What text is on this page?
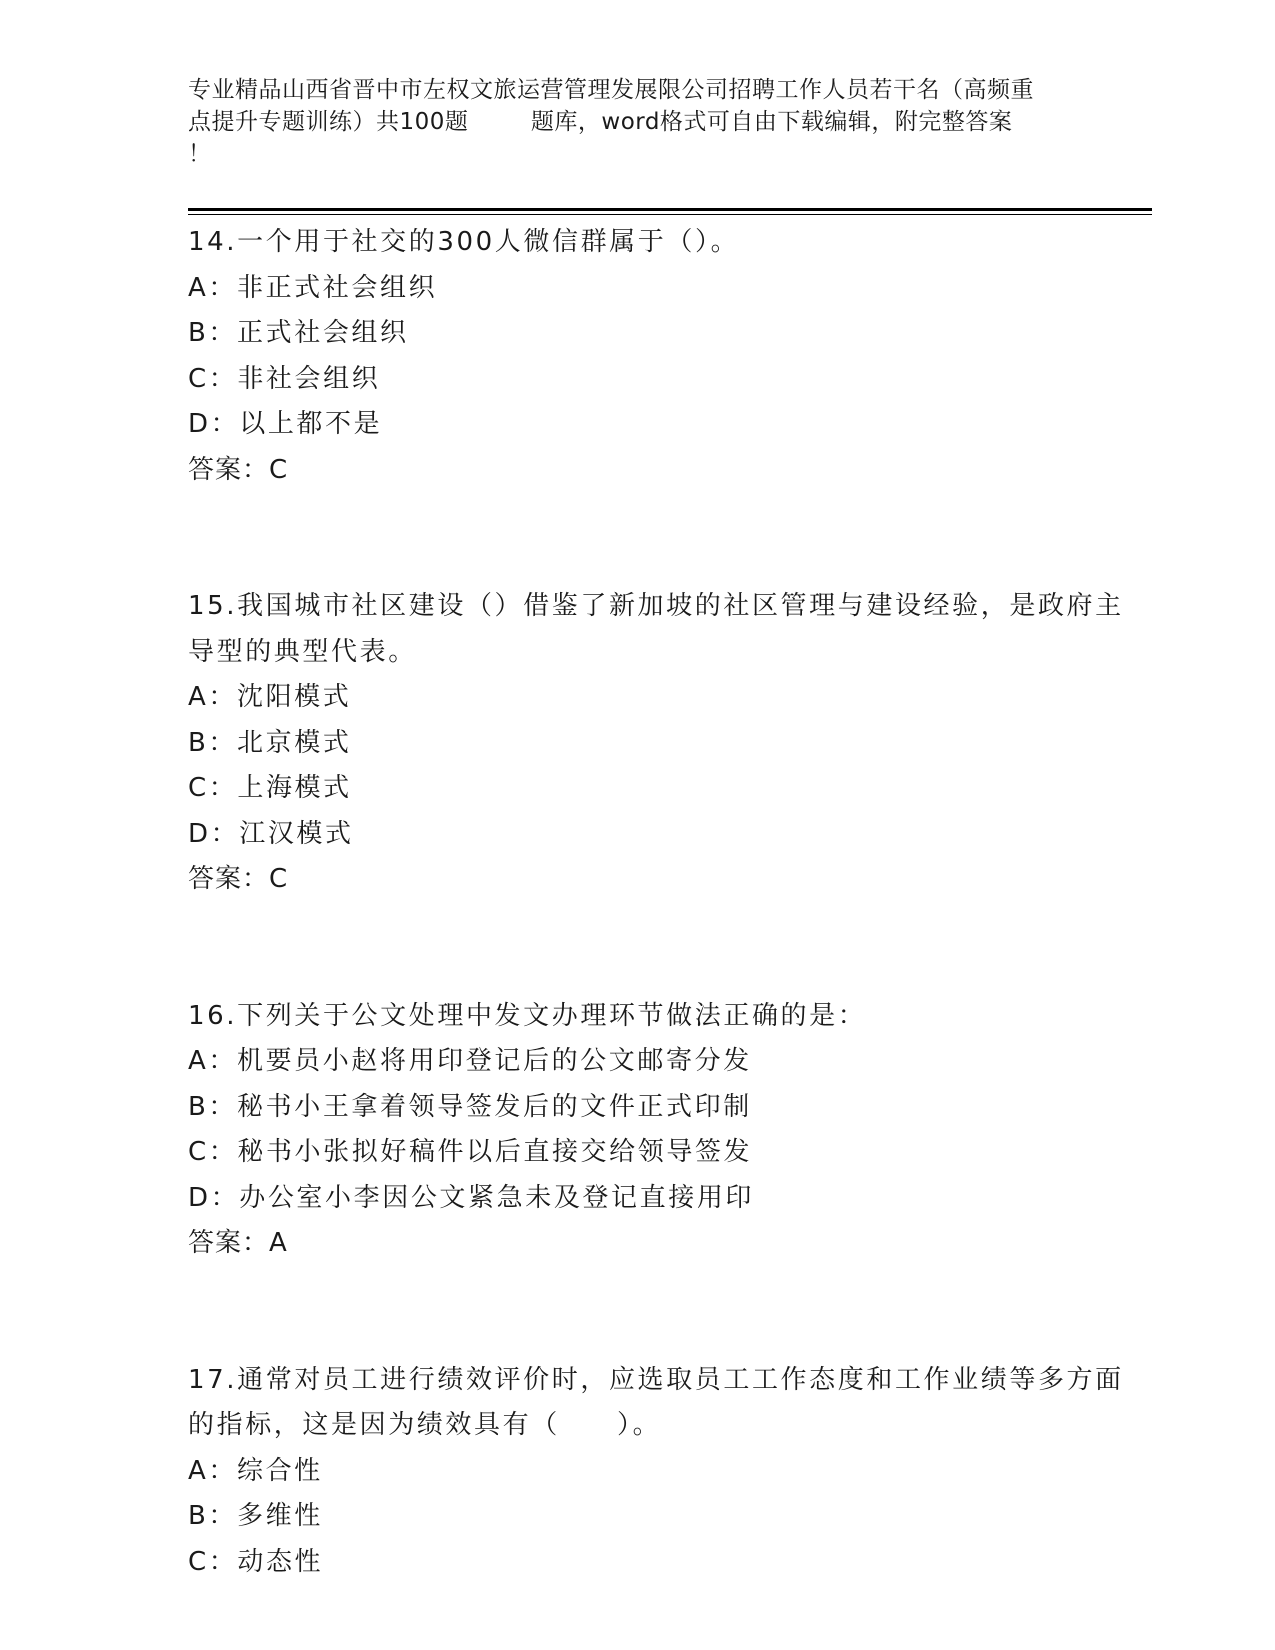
专业精品山西省晋中市左权文旅运营管理发展限公司招聘工作人员若干名（高频重
点提升专题训练）共100题        题库，word格式可自由下载编辑，附完整答案
！
14.一个用于社交的300人微信群属于（）。
A：非正式社会组织
B：正式社会组织
C：非社会组织
D：以上都不是
答案：C
15.我国城市社区建设（）借鉴了新加坡的社区管理与建设经验，是政府主导型的典型代表。
A：沈阳模式
B：北京模式
C：上海模式
D：江汉模式
答案：C
16.下列关于公文处理中发文办理环节做法正确的是：
A：机要员小赵将用印登记后的公文邮寄分发
B：秘书小王拿着领导签发后的文件正式印制
C：秘书小张拟好稿件以后直接交给领导签发
D：办公室小李因公文紧急未及登记直接用印
答案：A
17.通常对员工进行绩效评价时，应选取员工工作态度和工作业绩等多方面的指标，这是因为绩效具有（　　）。
A：综合性
B：多维性
C：动态性
